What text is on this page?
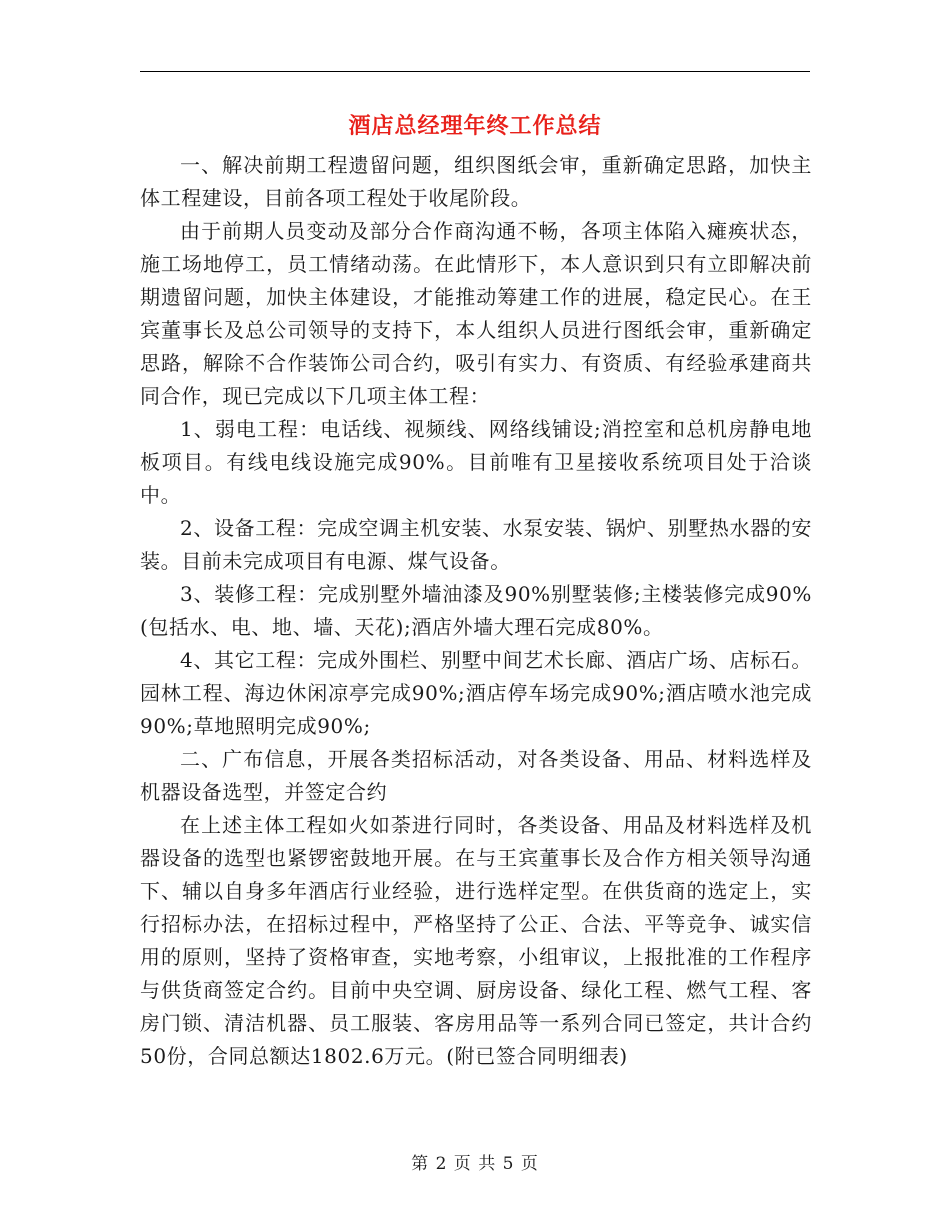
酒店总经理年终工作总结

一、解决前期工程遗留问题，组织图纸会审，重新确定思路，加快主体工程建设，目前各项工程处于收尾阶段。

由于前期人员变动及部分合作商沟通不畅，各项主体陷入瘫痪状态，施工场地停工，员工情绪动荡。在此情形下，本人意识到只有立即解决前期遗留问题，加快主体建设，才能推动筹建工作的进展，稳定民心。在王宾董事长及总公司领导的支持下，本人组织人员进行图纸会审，重新确定思路，解除不合作装饰公司合约，吸引有实力、有资质、有经验承建商共同合作，现已完成以下几项主体工程：

1、弱电工程：电话线、视频线、网络线铺设;消控室和总机房静电地板项目。有线电线设施完成90%。目前唯有卫星接收系统项目处于洽谈中。

2、设备工程：完成空调主机安装、水泵安装、锅炉、别墅热水器的安装。目前未完成项目有电源、煤气设备。

3、装修工程：完成别墅外墙油漆及90%别墅装修;主楼装修完成90%(包括水、电、地、墙、天花);酒店外墙大理石完成80%。

4、其它工程：完成外围栏、别墅中间艺术长廊、酒店广场、店标石。园林工程、海边休闲凉亭完成90%;酒店停车场完成90%;酒店喷水池完成90%;草地照明完成90%;

二、广布信息，开展各类招标活动，对各类设备、用品、材料选样及机器设备选型，并签定合约

在上述主体工程如火如荼进行同时，各类设备、用品及材料选样及机器设备的选型也紧锣密鼓地开展。在与王宾董事长及合作方相关领导沟通下、辅以自身多年酒店行业经验，进行选样定型。在供货商的选定上，实行招标办法，在招标过程中，严格坚持了公正、合法、平等竞争、诚实信用的原则，坚持了资格审查，实地考察，小组审议，上报批准的工作程序与供货商签定合约。目前中央空调、厨房设备、绿化工程、燃气工程、客房门锁、清洁机器、员工服装、客房用品等一系列合同已签定，共计合约50份，合同总额达1802.6万元。(附已签合同明细表)

第 2 页 共 5 页
